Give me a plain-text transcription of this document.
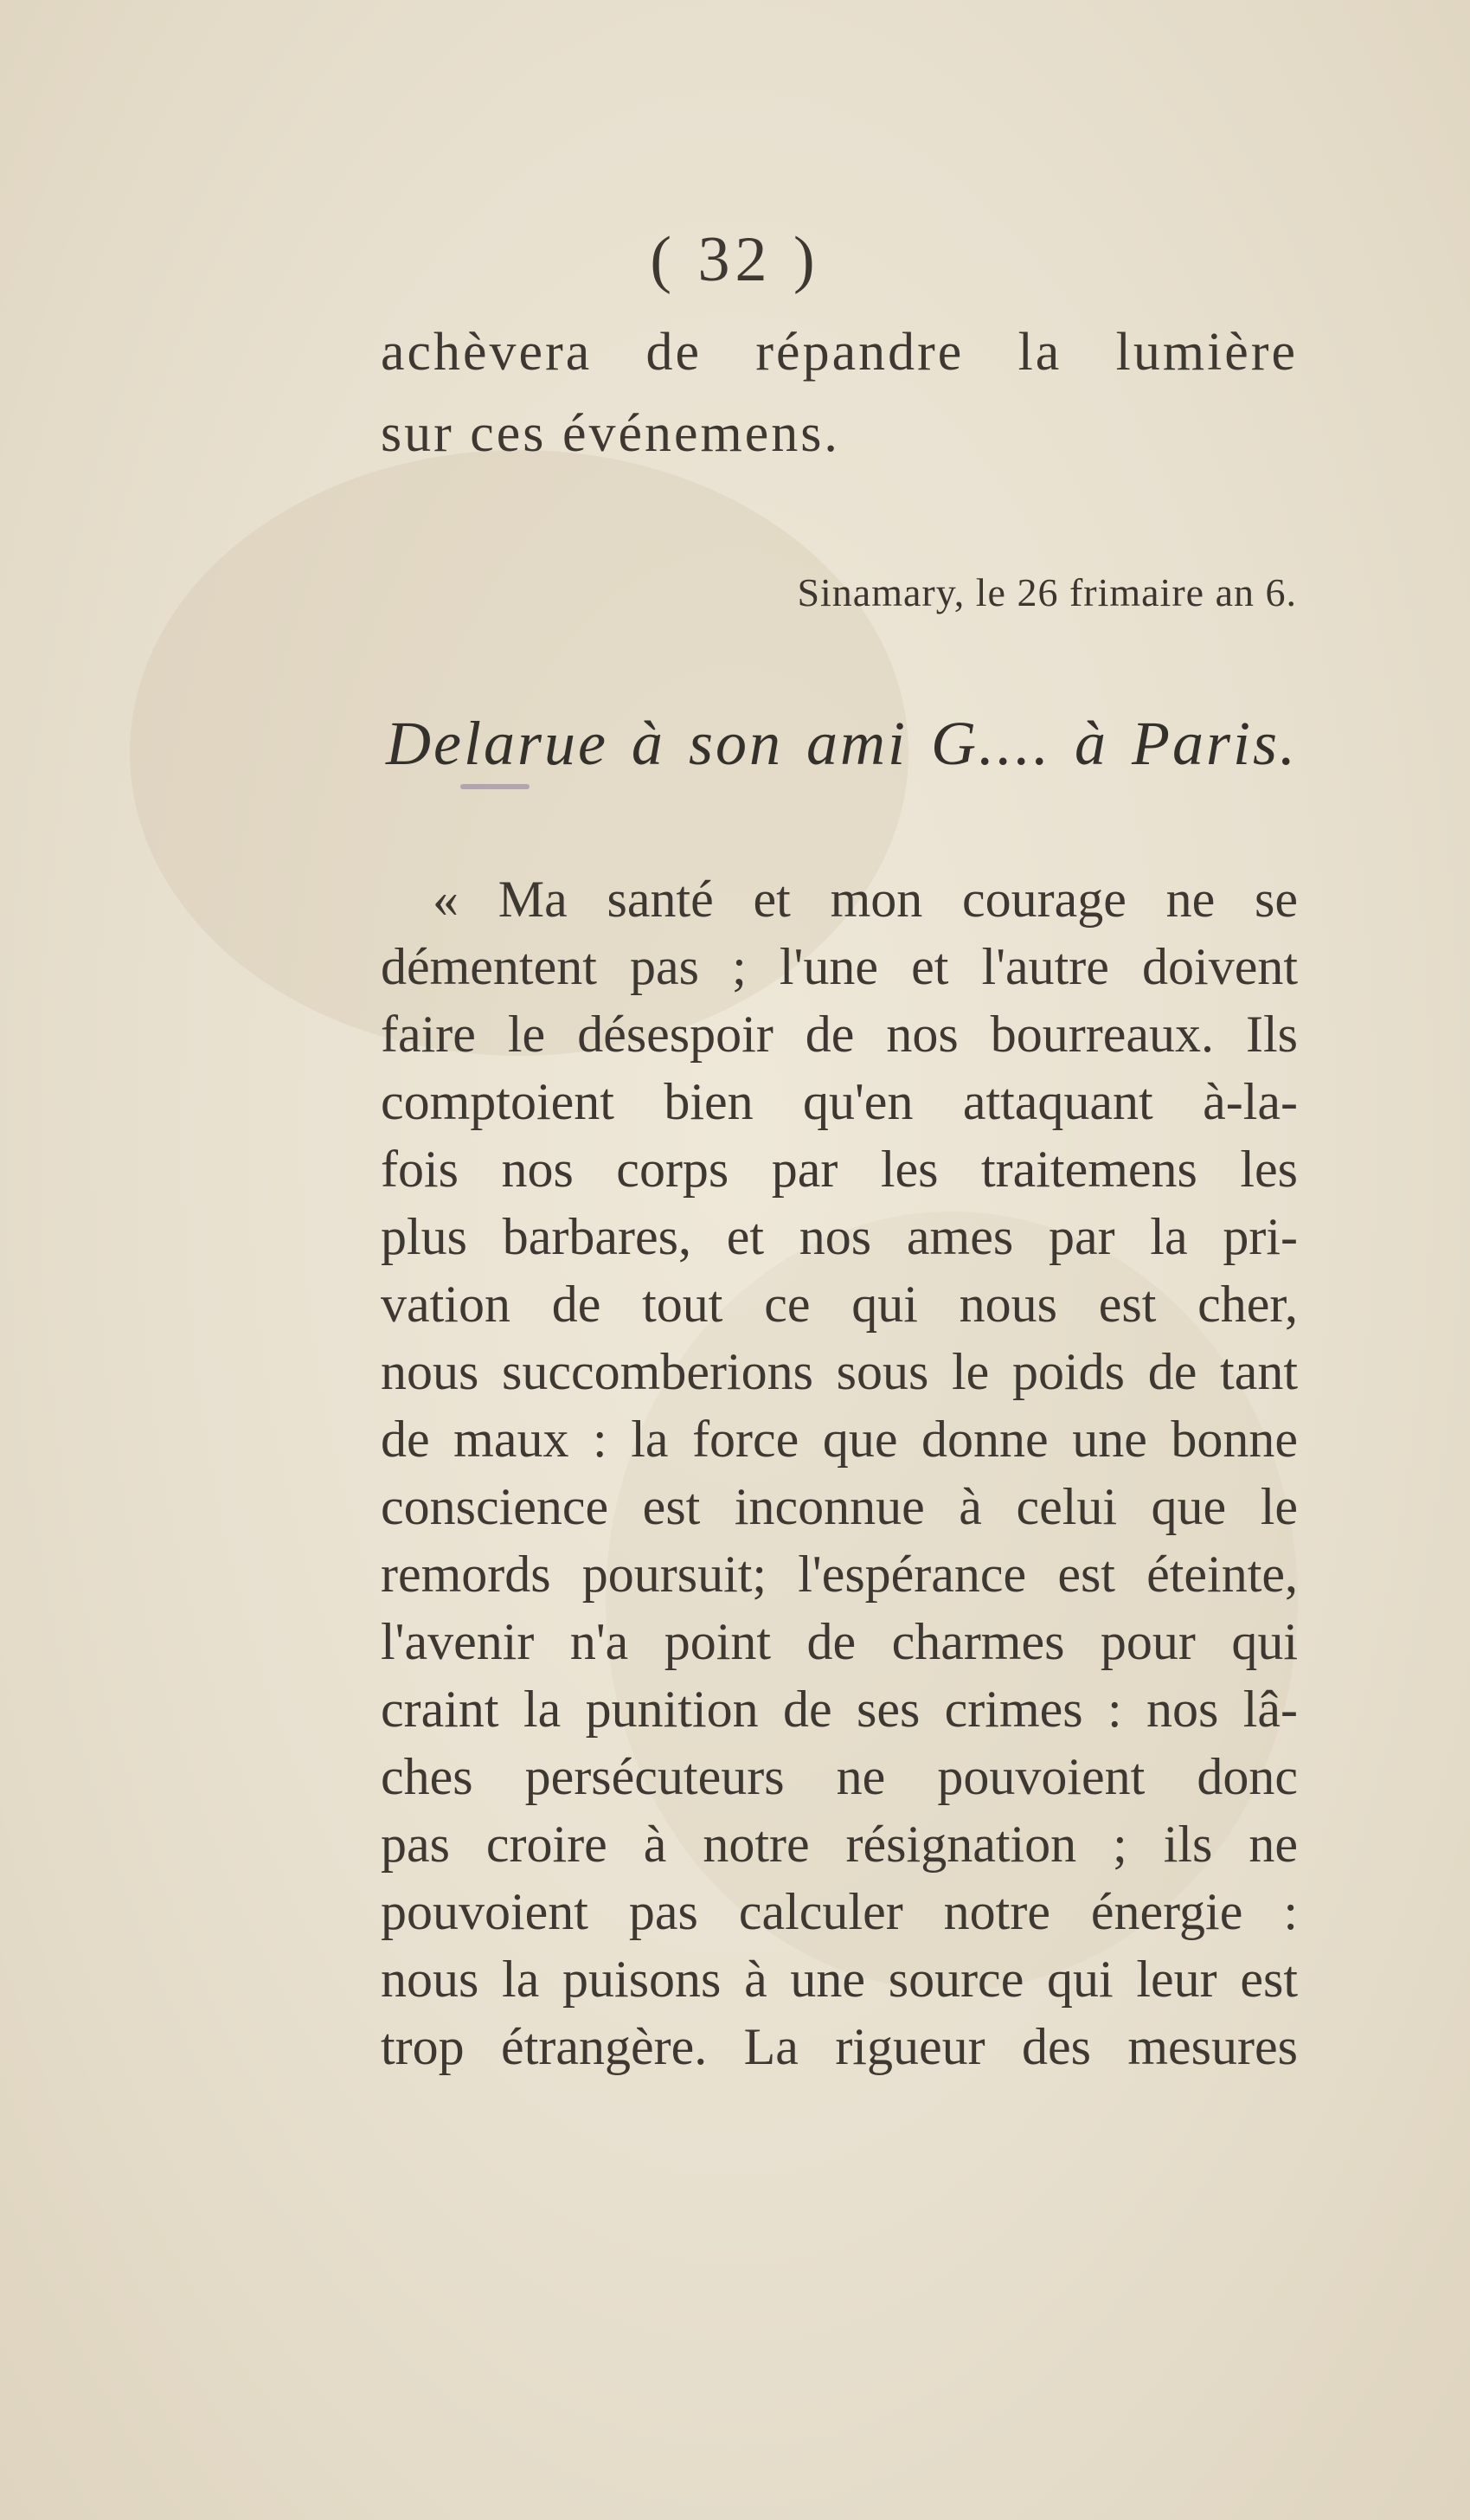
( 32 )
achèvera de répandre la lumière
sur ces événemens.
Sinamary, le 26 frimaire an 6.
Delarue à son ami G.... à Paris.
« Ma santé et mon courage ne se
démentent pas ; l'une et l'autre doivent
faire le désespoir de nos bourreaux. Ils
comptoient bien qu'en attaquant à-la-
fois nos corps par les traitemens les
plus barbares, et nos ames par la pri-
vation de tout ce qui nous est cher,
nous succomberions sous le poids de tant
de maux : la force que donne une bonne
conscience est inconnue à celui que le
remords poursuit; l'espérance est éteinte,
l'avenir n'a point de charmes pour qui
craint la punition de ses crimes : nos lâ-
ches persécuteurs ne pouvoient donc
pas croire à notre résignation ; ils ne
pouvoient pas calculer notre énergie :
nous la puisons à une source qui leur est
trop étrangère. La rigueur des mesures
